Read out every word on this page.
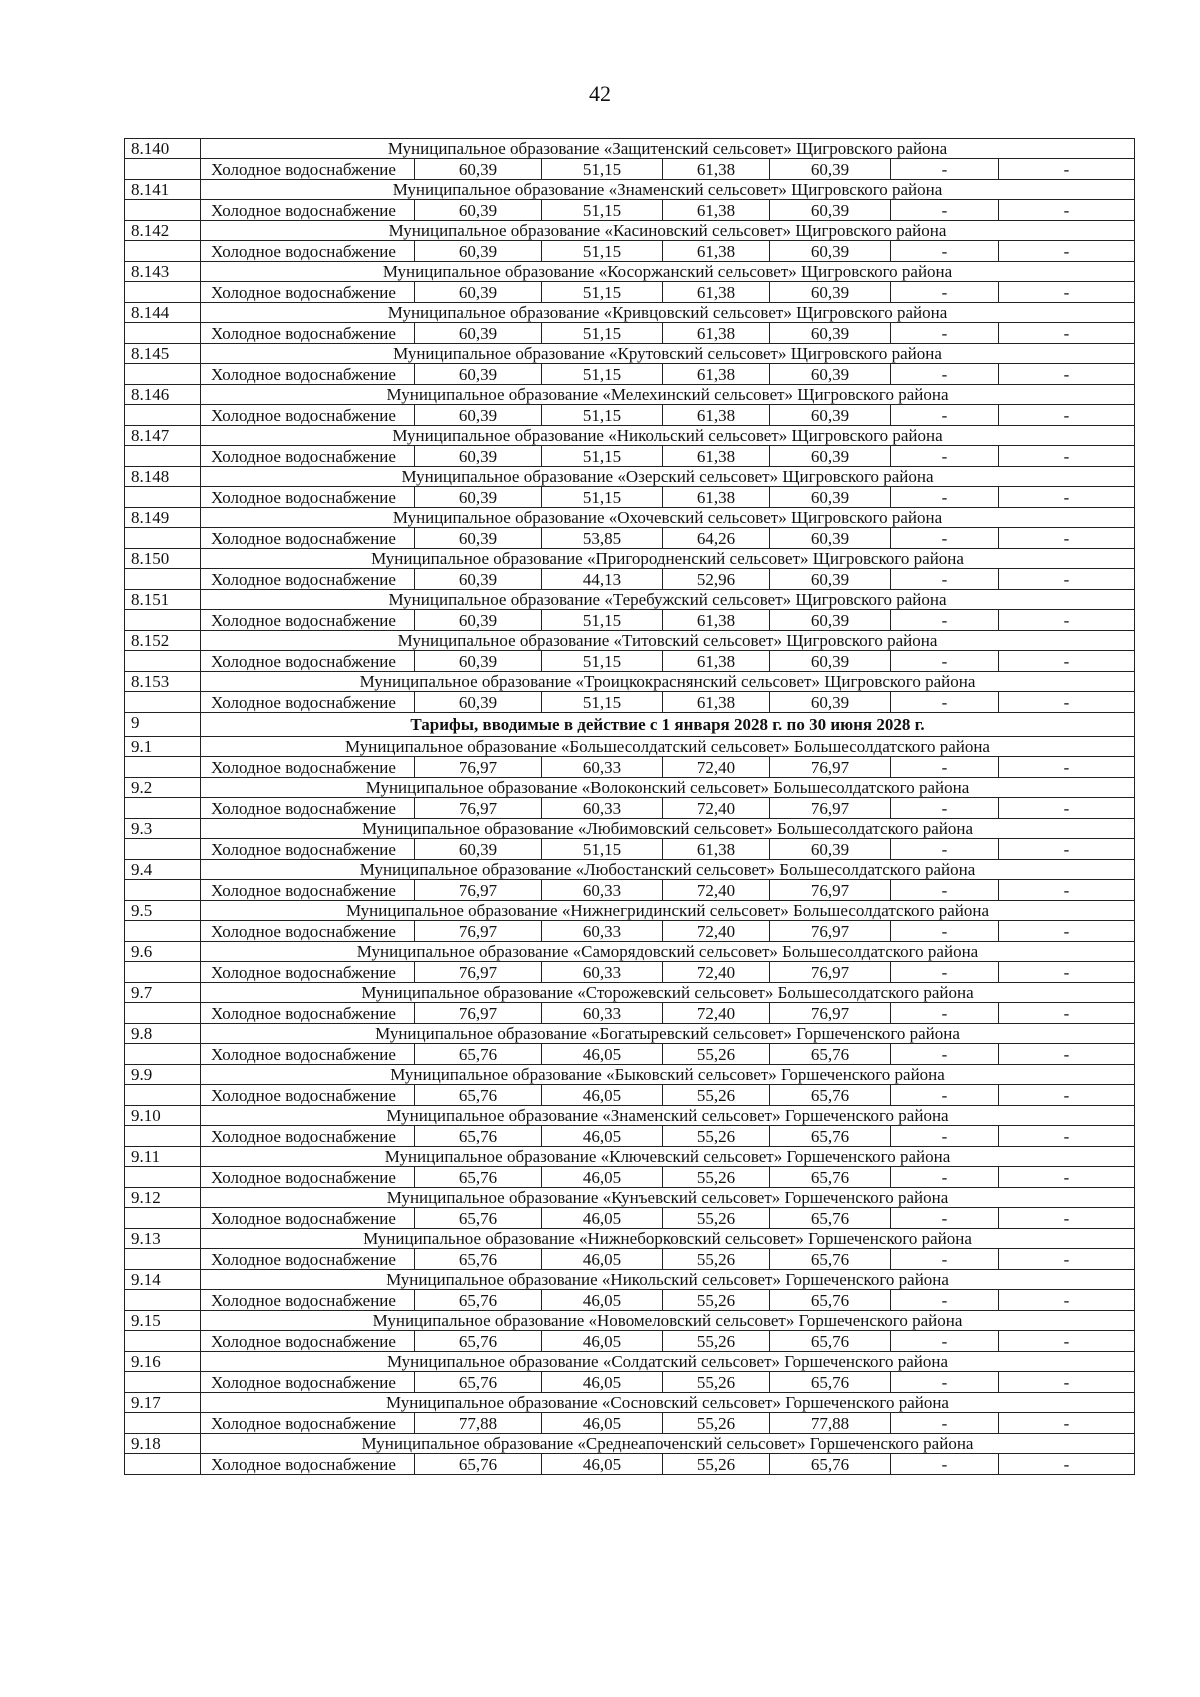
42
8.140	Муниципальное образование «Защитенский сельсовет» Щигровского района						
	Холодное водоснабжение	60,39	51,15	61,38	60,39	-	-
8.141	Муниципальное образование «Знаменский сельсовет» Щигровского района						
	Холодное водоснабжение	60,39	51,15	61,38	60,39	-	-
8.142	Муниципальное образование «Касиновский сельсовет» Щигровского района						
	Холодное водоснабжение	60,39	51,15	61,38	60,39	-	-
8.143	Муниципальное образование «Косоржанский сельсовет» Щигровского района						
	Холодное водоснабжение	60,39	51,15	61,38	60,39	-	-
8.144	Муниципальное образование «Кривцовский сельсовет» Щигровского района						
	Холодное водоснабжение	60,39	51,15	61,38	60,39	-	-
8.145	Муниципальное образование «Крутовский сельсовет» Щигровского района						
	Холодное водоснабжение	60,39	51,15	61,38	60,39	-	-
8.146	Муниципальное образование «Мелехинский сельсовет» Щигровского района						
	Холодное водоснабжение	60,39	51,15	61,38	60,39	-	-
8.147	Муниципальное образование «Никольский сельсовет» Щигровского района						
	Холодное водоснабжение	60,39	51,15	61,38	60,39	-	-
8.148	Муниципальное образование «Озерский сельсовет» Щигровского района						
	Холодное водоснабжение	60,39	51,15	61,38	60,39	-	-
8.149	Муниципальное образование «Охочевский сельсовет» Щигровского района						
	Холодное водоснабжение	60,39	53,85	64,26	60,39	-	-
8.150	Муниципальное образование «Пригородненский сельсовет» Щигровского района						
	Холодное водоснабжение	60,39	44,13	52,96	60,39	-	-
8.151	Муниципальное образование «Теребужский сельсовет» Щигровского района						
	Холодное водоснабжение	60,39	51,15	61,38	60,39	-	-
8.152	Муниципальное образование «Титовский сельсовет» Щигровского района						
	Холодное водоснабжение	60,39	51,15	61,38	60,39	-	-
8.153	Муниципальное образование «Троицкокраснянский сельсовет» Щигровского района						
	Холодное водоснабжение	60,39	51,15	61,38	60,39	-	-
9	Тарифы, вводимые в действие с 1 января 2028 г. по 30 июня 2028 г.						
9.1	Муниципальное образование «Большесолдатский сельсовет» Большесолдатского района						
	Холодное водоснабжение	76,97	60,33	72,40	76,97	-	-
9.2	Муниципальное образование «Волоконский сельсовет» Большесолдатского района						
	Холодное водоснабжение	76,97	60,33	72,40	76,97	-	-
9.3	Муниципальное образование «Любимовский сельсовет» Большесолдатского района						
	Холодное водоснабжение	60,39	51,15	61,38	60,39	-	-
9.4	Муниципальное образование «Любостанский сельсовет» Большесолдатского района						
	Холодное водоснабжение	76,97	60,33	72,40	76,97	-	-
9.5	Муниципальное образование «Нижнегридинский сельсовет» Большесолдатского района						
	Холодное водоснабжение	76,97	60,33	72,40	76,97	-	-
9.6	Муниципальное образование «Саморядовский сельсовет» Большесолдатского района						
	Холодное водоснабжение	76,97	60,33	72,40	76,97	-	-
9.7	Муниципальное образование «Сторожевский сельсовет» Большесолдатского района						
	Холодное водоснабжение	76,97	60,33	72,40	76,97	-	-
9.8	Муниципальное образование «Богатыревский сельсовет» Горшеченского района						
	Холодное водоснабжение	65,76	46,05	55,26	65,76	-	-
9.9	Муниципальное образование «Быковский сельсовет» Горшеченского района						
	Холодное водоснабжение	65,76	46,05	55,26	65,76	-	-
9.10	Муниципальное образование «Знаменский сельсовет» Горшеченского района						
	Холодное водоснабжение	65,76	46,05	55,26	65,76	-	-
9.11	Муниципальное образование «Ключевский сельсовет» Горшеченского района						
	Холодное водоснабжение	65,76	46,05	55,26	65,76	-	-
9.12	Муниципальное образование «Кунъевский сельсовет» Горшеченского района						
	Холодное водоснабжение	65,76	46,05	55,26	65,76	-	-
9.13	Муниципальное образование «Нижнеборковский сельсовет» Горшеченского района						
	Холодное водоснабжение	65,76	46,05	55,26	65,76	-	-
9.14	Муниципальное образование «Никольский сельсовет» Горшеченского района						
	Холодное водоснабжение	65,76	46,05	55,26	65,76	-	-
9.15	Муниципальное образование «Новомеловский сельсовет» Горшеченского района						
	Холодное водоснабжение	65,76	46,05	55,26	65,76	-	-
9.16	Муниципальное образование «Солдатский сельсовет» Горшеченского района						
	Холодное водоснабжение	65,76	46,05	55,26	65,76	-	-
9.17	Муниципальное образование «Сосновский сельсовет» Горшеченского района						
	Холодное водоснабжение	77,88	46,05	55,26	77,88	-	-
9.18	Муниципальное образование «Среднеапоченский сельсовет» Горшеченского района						
	Холодное водоснабжение	65,76	46,05	55,26	65,76	-	-
